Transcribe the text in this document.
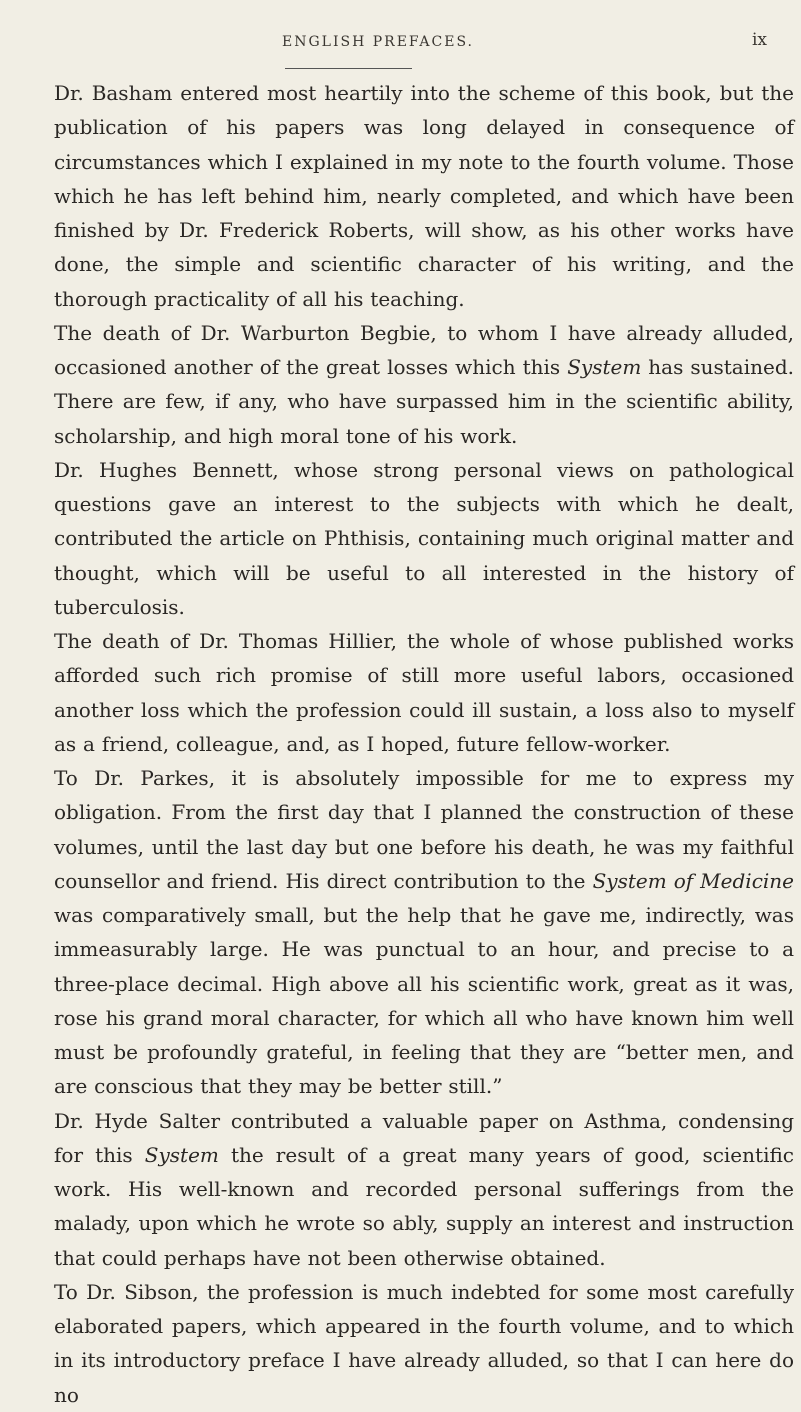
ENGLISH PREFACES.	ix

Dr. Basham entered most heartily into the scheme of this book, but the publication of his papers was long delayed in consequence of circumstances which I explained in my note to the fourth volume. Those which he has left behind him, nearly completed, and which have been finished by Dr. Frederick Roberts, will show, as his other works have done, the simple and scientific character of his writing, and the thorough practicality of all his teaching.

The death of Dr. Warburton Begbie, to whom I have already alluded, occasioned another of the great losses which this System has sustained. There are few, if any, who have surpassed him in the scientific ability, scholarship, and high moral tone of his work.

Dr. Hughes Bennett, whose strong personal views on pathological questions gave an interest to the subjects with which he dealt, contributed the article on Phthisis, containing much original matter and thought, which will be useful to all interested in the history of tuberculosis.

The death of Dr. Thomas Hillier, the whole of whose published works afforded such rich promise of still more useful labors, occasioned another loss which the profession could ill sustain, a loss also to myself as a friend, colleague, and, as I hoped, future fellow-worker.

To Dr. Parkes, it is absolutely impossible for me to express my obligation. From the first day that I planned the construction of these volumes, until the last day but one before his death, he was my faithful counsellor and friend. His direct contribution to the System of Medicine was comparatively small, but the help that he gave me, indirectly, was immeasurably large. He was punctual to an hour, and precise to a three-place decimal. High above all his scientific work, great as it was, rose his grand moral character, for which all who have known him well must be profoundly grateful, in feeling that they are “better men, and are conscious that they may be better still.”

Dr. Hyde Salter contributed a valuable paper on Asthma, condensing for this System the result of a great many years of good, scientific work. His well-known and recorded personal sufferings from the malady, upon which he wrote so ably, supply an interest and instruction that could perhaps have not been otherwise obtained.

To Dr. Sibson, the profession is much indebted for some most carefully elaborated papers, which appeared in the fourth volume, and to which in its introductory preface I have already alluded, so that I can here do no
